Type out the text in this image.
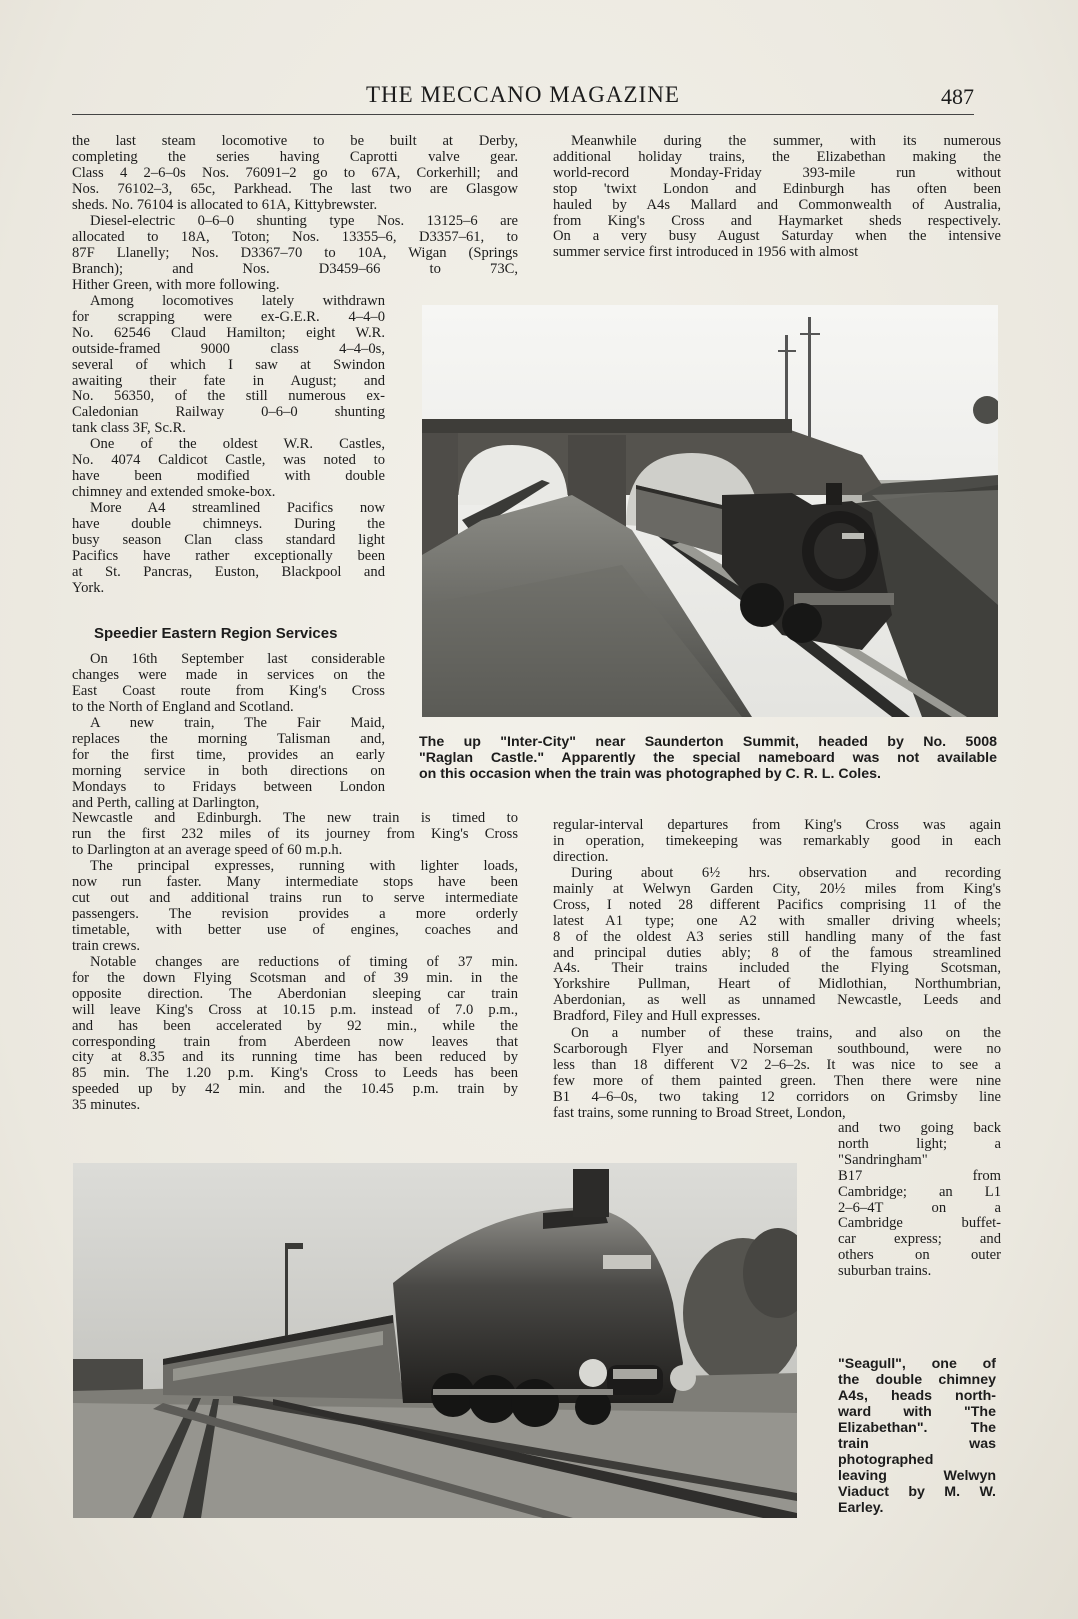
THE MECCANO MAGAZINE	487
the last steam locomotive to be built at Derby,
completing the series having Caprotti valve gear.
Class 4 2–6–0s Nos. 76091–2 go to 67A, Corkerhill; and
Nos. 76102–3, 65c, Parkhead. The last two are Glasgow
sheds. No. 76104 is allocated to 61A, Kittybrewster.
Diesel-electric 0–6–0 shunting type Nos. 13125–6 are
allocated to 18A, Toton; Nos. 13355–6, D3357–61, to
87F Llanelly; Nos. D3367–70 to 10A, Wigan (Springs
Branch); and Nos. D3459–66 to 73C,
Hither Green, with more following.
Among locomotives lately withdrawn
for scrapping were ex-G.E.R. 4–4–0
No. 62546 Claud Hamilton; eight W.R.
outside-framed 9000 class 4–4–0s,
several of which I saw at Swindon
awaiting their fate in August; and
No. 56350, of the still numerous ex-
Caledonian Railway 0–6–0 shunting
tank class 3F, Sc.R.
One of the oldest W.R. Castles,
No. 4074 Caldicot Castle, was noted to
have been modified with double
chimney and extended smoke-box.
More A4 streamlined Pacifics now
have double chimneys. During the
busy season Clan class standard light
Pacifics have rather exceptionally been
at St. Pancras, Euston, Blackpool and
York.
Speedier Eastern Region Services
On 16th September last considerable
changes were made in services on the
East Coast route from King's Cross
to the North of England and Scotland.
A new train, The Fair Maid,
replaces the morning Talisman and,
for the first time, provides an early
morning service in both directions on
Mondays to Fridays between London
and Perth, calling at Darlington,
Newcastle and Edinburgh. The new train is timed to
run the first 232 miles of its journey from King's Cross
to Darlington at an average speed of 60 m.p.h.
The principal expresses, running with lighter loads,
now run faster. Many intermediate stops have been
cut out and additional trains run to serve intermediate
passengers. The revision provides a more orderly
timetable, with better use of engines, coaches and
train crews.
Notable changes are reductions of timing of 37 min.
for the down Flying Scotsman and of 39 min. in the
opposite direction. The Aberdonian sleeping car train
will leave King's Cross at 10.15 p.m. instead of 7.0 p.m.,
and has been accelerated by 92 min., while the
corresponding train from Aberdeen now leaves that
city at 8.35 and its running time has been reduced by
85 min. The 1.20 p.m. King's Cross to Leeds has been
speeded up by 42 min. and the 10.45 p.m. train by
35 minutes.
Meanwhile during the summer, with its numerous
additional holiday trains, the Elizabethan making the
world-record Monday-Friday 393-mile run without
stop 'twixt London and Edinburgh has often been
hauled by A4s Mallard and Commonwealth of Australia,
from King's Cross and Haymarket sheds respectively.
On a very busy August Saturday when the intensive
summer service first introduced in 1956 with almost
regular-interval departures from King's Cross was again
in operation, timekeeping was remarkably good in each
direction.
During about 6½ hrs. observation and recording
mainly at Welwyn Garden City, 20½ miles from King's
Cross, I noted 28 different Pacifics comprising 11 of the
latest A1 type; one A2 with smaller driving wheels;
8 of the oldest A3 series still handling many of the fast
and principal duties ably; 8 of the famous streamlined
A4s. Their trains included the Flying Scotsman,
Yorkshire Pullman, Heart of Midlothian, Northumbrian,
Aberdonian, as well as unnamed Newcastle, Leeds and
Bradford, Filey and Hull expresses.
On a number of these trains, and also on the
Scarborough Flyer and Norseman southbound, were no
less than 18 different V2 2–6–2s. It was nice to see a
few more of them painted green. Then there were nine
B1 4–6–0s, two taking 12 corridors on Grimsby line
fast trains, some running to Broad Street, London,
and two going back
north light; a
"Sandringham"
B17 from
Cambridge; an L1
2–6–4T on a
Cambridge buffet-
car express; and
others on outer
suburban trains.
The up "Inter-City" near Saunderton Summit, headed by No. 5008
"Raglan Castle." Apparently the special nameboard was not available
on this occasion when the train was photographed by C. R. L. Coles.
"Seagull", one of
the double chimney
A4s, heads north-
ward with "The
Elizabethan". The
train was
photographed
leaving Welwyn
Viaduct by M. W.
Earley.
